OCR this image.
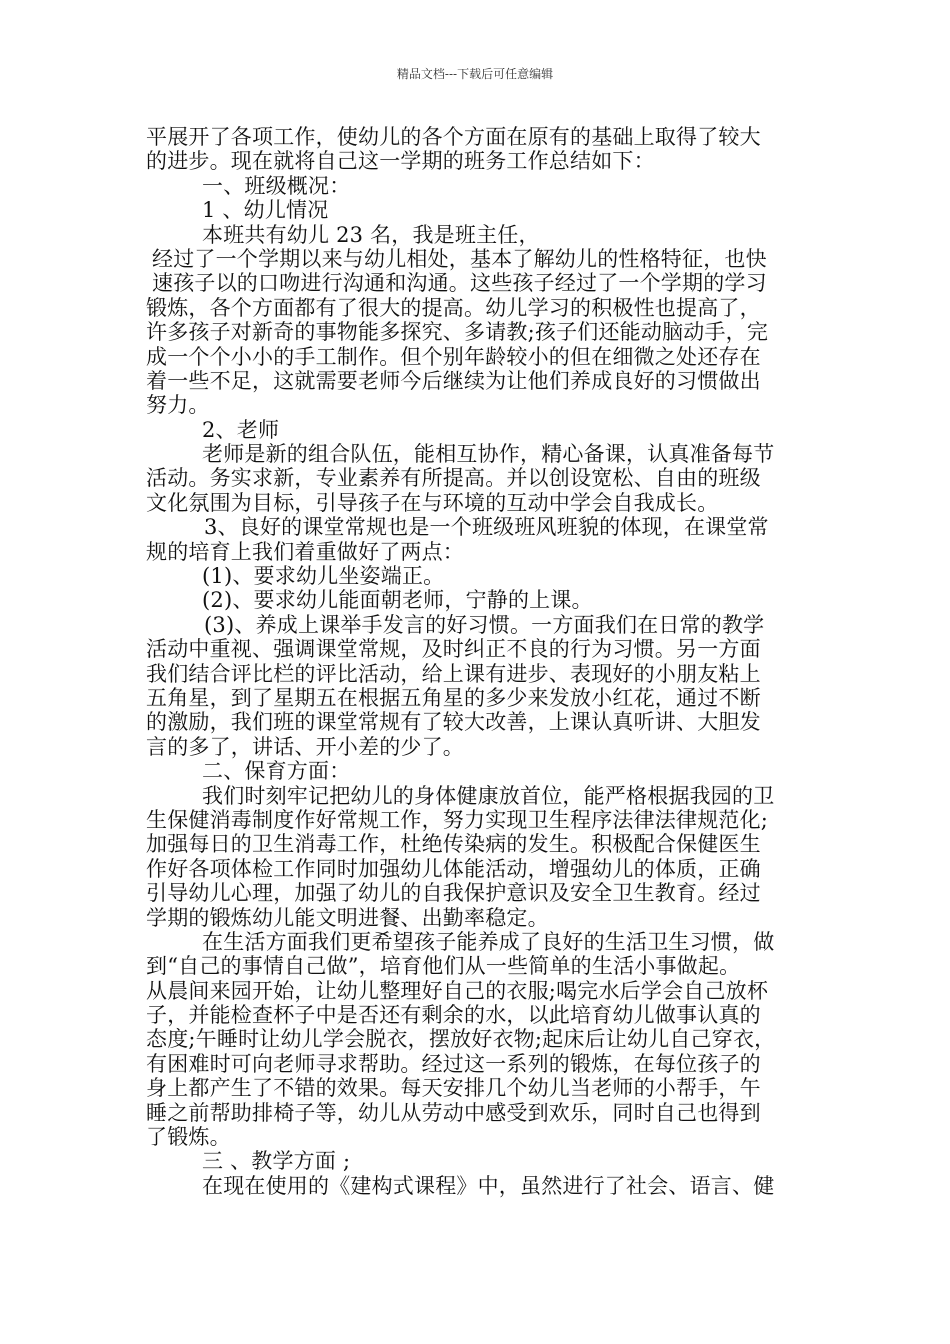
精品文档---下载后可任意编辑
平展开了各项工作，使幼儿的各个方面在原有的基础上取得了较大
的进步。现在就将自己这一学期的班务工作总结如下：
一、班级概况：
1 、幼儿情况
本班共有幼儿 23 名，我是班主任，
经过了一个学期以来与幼儿相处，基本了解幼儿的性格特征，也快
速孩子以的口吻进行沟通和沟通。这些孩子经过了一个学期的学习
锻炼，各个方面都有了很大的提高。幼儿学习的积极性也提高了，
许多孩子对新奇的事物能多探究、多请教;孩子们还能动脑动手，完
成一个个小小的手工制作。但个别年龄较小的但在细微之处还存在
着一些不足，这就需要老师今后继续为让他们养成良好的习惯做出
努力。
2、老师
老师是新的组合队伍，能相互协作，精心备课，认真准备每节
活动。务实求新，专业素养有所提高。并以创设宽松、自由的班级
文化氛围为目标，引导孩子在与环境的互动中学会自我成长。
3、良好的课堂常规也是一个班级班风班貌的体现，在课堂常
规的培育上我们着重做好了两点：
(1)、要求幼儿坐姿端正。
(2)、要求幼儿能面朝老师，宁静的上课。
(3)、养成上课举手发言的好习惯。一方面我们在日常的教学
活动中重视、强调课堂常规，及时纠正不良的行为习惯。另一方面
我们结合评比栏的评比活动，给上课有进步、表现好的小朋友粘上
五角星，到了星期五在根据五角星的多少来发放小红花，通过不断
的激励，我们班的课堂常规有了较大改善，上课认真听讲、大胆发
言的多了，讲话、开小差的少了。
二、保育方面：
我们时刻牢记把幼儿的身体健康放首位，能严格根据我园的卫
生保健消毒制度作好常规工作，努力实现卫生程序法律法律规范化;
加强每日的卫生消毒工作，杜绝传染病的发生。积极配合保健医生
作好各项体检工作同时加强幼儿体能活动，增强幼儿的体质，正确
引导幼儿心理，加强了幼儿的自我保护意识及安全卫生教育。经过
学期的锻炼幼儿能文明进餐、出勤率稳定。
在生活方面我们更希望孩子能养成了良好的生活卫生习惯，做
到“自己的事情自己做”，培育他们从一些简单的生活小事做起。
从晨间来园开始，让幼儿整理好自己的衣服;喝完水后学会自己放杯
子，并能检查杯子中是否还有剩余的水，以此培育幼儿做事认真的
态度;午睡时让幼儿学会脱衣，摆放好衣物;起床后让幼儿自己穿衣，
有困难时可向老师寻求帮助。经过这一系列的锻炼，在每位孩子的
身上都产生了不错的效果。每天安排几个幼儿当老师的小帮手，午
睡之前帮助排椅子等，幼儿从劳动中感受到欢乐，同时自己也得到
了锻炼。
三 、教学方面 ;
在现在使用的《建构式课程》中，虽然进行了社会、语言、健
